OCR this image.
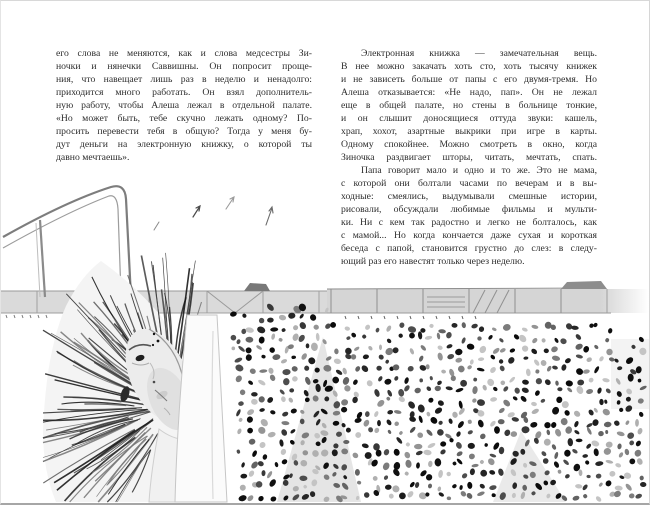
его слова не меняются, как и слова медсестры Зи-
ночки и нянечки Саввишны. Он попросит проще-
ния, что навещает лишь раз в неделю и ненадолго:
приходится много работать. Он взял дополнитель-
ную работу, чтобы Алеша лежал в отдельной палате.
«Но может быть, тебе скучно лежать одному? По-
просить перевести тебя в общую? Тогда у меня бу-
дут деньги на электронную книжку, о которой ты
давно мечтаешь».
Электронная книжка — замечательная вещь.
В нее можно закачать хоть сто, хоть тысячу книжек
и не зависеть больше от папы с его двумя-тремя. Но
Алеша отказывается: «Не надо, пап». Он не лежал
еще в общей палате, но стены в больнице тонкие,
и он слышит доносящиеся оттуда звуки: кашель,
храп, хохот, азартные выкрики при игре в карты.
Одному спокойнее. Можно смотреть в окно, когда
Зиночка раздвигает шторы, читать, мечтать, спать.
Папа говорит мало и одно и то же. Это не мама,
с которой они болтали часами по вечерам и в вы-
ходные: смеялись, выдумывали смешные истории,
рисовали, обсуждали любимые фильмы и мульти-
ки. Ни с кем так радостно и легко не болталось, как
с мамой... Но когда кончается даже сухая и короткая
беседа с папой, становится грустно до слез: в следу-
ющий раз его навестят только через неделю.
